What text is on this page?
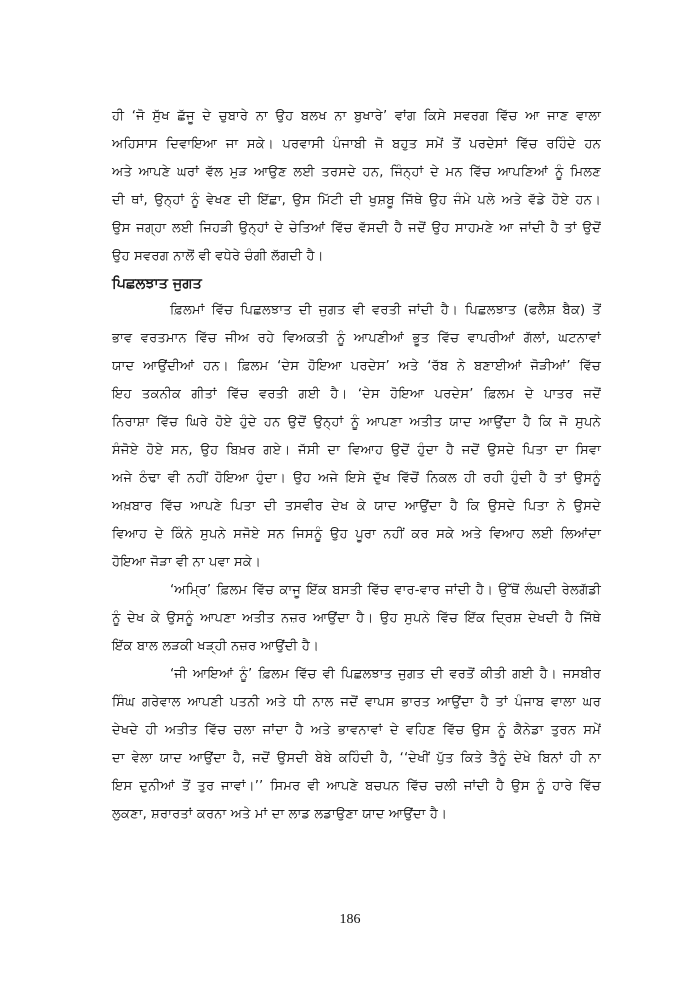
ਹੀ ‘ਜੋ ਸੁੱਖ ਛੱਜੂ ਦੇ ਚੁਬਾਰੇ ਨਾ ਉਹ ਬਲਖ ਨਾ ਬੁਖਾਰੇ’ ਵਾਂਗ ਕਿਸੇ ਸਵਰਗ ਵਿੱਚ ਆ ਜਾਣ ਵਾਲਾ
ਅਹਿਸਾਸ ਦਿਵਾਇਆ ਜਾ ਸਕੇ। ਪਰਵਾਸੀ ਪੰਜਾਬੀ ਜੋ ਬਹੁਤ ਸਮੇਂ ਤੋਂ ਪਰਦੇਸਾਂ ਵਿੱਚ ਰਹਿੰਦੇ ਹਨ
ਅਤੇ ਆਪਣੇ ਘਰਾਂ ਵੱਲ ਮੁੜ ਆਉਣ ਲਈ ਤਰਸਦੇ ਹਨ, ਜਿੰਨ੍ਹਾਂ ਦੇ ਮਨ ਵਿੱਚ ਆਪਣਿਆਂ ਨੂੰ ਮਿਲਣ
ਦੀ ਥਾਂ, ਉਨ੍ਹਾਂ ਨੂੰ ਵੇਖਣ ਦੀ ਇੱਛਾ, ਉਸ ਮਿੱਟੀ ਦੀ ਖੁਸ਼ਬੂ ਜਿੱਥੇ ਉਹ ਜੰਮੇ ਪਲੇ ਅਤੇ ਵੱਡੇ ਹੋਏ ਹਨ।
ਉਸ ਜਗ੍ਹਾ ਲਈ ਜਿਹੜੀ ਉਨ੍ਹਾਂ ਦੇ ਚੇਤਿਆਂ ਵਿੱਚ ਵੱਸਦੀ ਹੈ ਜਦੋਂ ਉਹ ਸਾਹਮਣੇ ਆ ਜਾਂਦੀ ਹੈ ਤਾਂ ਉਦੋਂ
ਉਹ ਸਵਰਗ ਨਾਲੋਂ ਵੀ ਵਧੇਰੇ ਚੰਗੀ ਲੱਗਦੀ ਹੈ।
ਪਿਛਲਝਾਤ ਜੁਗਤ
ਫ਼ਿਲਮਾਂ ਵਿੱਚ ਪਿਛਲਝਾਤ ਦੀ ਜੁਗਤ ਵੀ ਵਰਤੀ ਜਾਂਦੀ ਹੈ। ਪਿਛਲਝਾਤ (ਫਲੈਸ਼ ਬੈਕ) ਤੋਂ
ਭਾਵ ਵਰਤਮਾਨ ਵਿੱਚ ਜੀਅ ਰਹੇ ਵਿਅਕਤੀ ਨੂੰ ਆਪਣੀਆਂ ਭੂਤ ਵਿੱਚ ਵਾਪਰੀਆਂ ਗੱਲਾਂ, ਘਟਨਾਵਾਂ
ਯਾਦ ਆਉਂਦੀਆਂ ਹਨ। ਫ਼ਿਲਮ ‘ਦੇਸ ਹੋਇਆ ਪਰਦੇਸ’ ਅਤੇ ‘ਰੱਬ ਨੇ ਬਣਾਈਆਂ ਜੋੜੀਆਂ’ ਵਿੱਚ
ਇਹ ਤਕਨੀਕ ਗੀਤਾਂ ਵਿੱਚ ਵਰਤੀ ਗਈ ਹੈ। ‘ਦੇਸ ਹੋਇਆ ਪਰਦੇਸ’ ਫ਼ਿਲਮ ਦੇ ਪਾਤਰ ਜਦੋਂ
ਨਿਰਾਸ਼ਾ ਵਿੱਚ ਘਿਰੇ ਹੋਏ ਹੁੰਦੇ ਹਨ ਉਦੋਂ ਉਨ੍ਹਾਂ ਨੂੰ ਆਪਣਾ ਅਤੀਤ ਯਾਦ ਆਉਂਦਾ ਹੈ ਕਿ ਜੋ ਸੁਪਨੇ
ਸੰਜੋਏ ਹੋਏ ਸਨ, ਉਹ ਬਿਖ਼ਰ ਗਏ। ਜੱਸੀ ਦਾ ਵਿਆਹ ਉਦੋਂ ਹੁੰਦਾ ਹੈ ਜਦੋਂ ਉਸਦੇ ਪਿਤਾ ਦਾ ਸਿਵਾ
ਅਜੇ ਠੰਢਾ ਵੀ ਨਹੀਂ ਹੋਇਆ ਹੁੰਦਾ। ਉਹ ਅਜੇ ਇਸੇ ਦੁੱਖ ਵਿੱਚੋਂ ਨਿਕਲ ਹੀ ਰਹੀ ਹੁੰਦੀ ਹੈ ਤਾਂ ਉਸਨੂੰ
ਅਖ਼ਬਾਰ ਵਿੱਚ ਆਪਣੇ ਪਿਤਾ ਦੀ ਤਸਵੀਰ ਦੇਖ ਕੇ ਯਾਦ ਆਉਂਦਾ ਹੈ ਕਿ ਉਸਦੇ ਪਿਤਾ ਨੇ ਉਸਦੇ
ਵਿਆਹ ਦੇ ਕਿੰਨੇ ਸੁਪਨੇ ਸਜੋਏ ਸਨ ਜਿਸਨੂੰ ਉਹ ਪੂਰਾ ਨਹੀਂ ਕਰ ਸਕੇ ਅਤੇ ਵਿਆਹ ਲਈ ਲਿਆਂਦਾ
ਹੋਇਆ ਜੋੜਾ ਵੀ ਨਾ ਪਵਾ ਸਕੇ।
‘ਅਮ੍ਰਿ’ ਫ਼ਿਲਮ ਵਿੱਚ ਕਾਜੂ ਇੱਕ ਬਸਤੀ ਵਿੱਚ ਵਾਰ-ਵਾਰ ਜਾਂਦੀ ਹੈ। ਉੱਥੋਂ ਲੰਘਦੀ ਰੇਲਗੱਡੀ
ਨੂੰ ਦੇਖ ਕੇ ਉਸਨੂੰ ਆਪਣਾ ਅਤੀਤ ਨਜ਼ਰ ਆਉਂਦਾ ਹੈ। ਉਹ ਸੁਪਨੇ ਵਿੱਚ ਇੱਕ ਦ੍ਰਿਸ਼ ਦੇਖਦੀ ਹੈ ਜਿੱਥੇ
ਇੱਕ ਬਾਲ ਲੜਕੀ ਖੜ੍ਹੀ ਨਜ਼ਰ ਆਉਂਦੀ ਹੈ।
‘ਜੀ ਆਇਆਂ ਨੂੰ’ ਫ਼ਿਲਮ ਵਿੱਚ ਵੀ ਪਿਛਲਝਾਤ ਜੁਗਤ ਦੀ ਵਰਤੋਂ ਕੀਤੀ ਗਈ ਹੈ। ਜਸਬੀਰ
ਸਿੰਘ ਗਰੇਵਾਲ ਆਪਣੀ ਪਤਨੀ ਅਤੇ ਧੀ ਨਾਲ ਜਦੋਂ ਵਾਪਸ ਭਾਰਤ ਆਉਂਦਾ ਹੈ ਤਾਂ ਪੰਜਾਬ ਵਾਲਾ ਘਰ
ਦੇਖਦੇ ਹੀ ਅਤੀਤ ਵਿੱਚ ਚਲਾ ਜਾਂਦਾ ਹੈ ਅਤੇ ਭਾਵਨਾਵਾਂ ਦੇ ਵਹਿਣ ਵਿੱਚ ਉਸ ਨੂੰ ਕੈਨੇਡਾ ਤੁਰਨ ਸਮੇਂ
ਦਾ ਵੇਲਾ ਯਾਦ ਆਉਂਦਾ ਹੈ, ਜਦੋਂ ਉਸਦੀ ਬੇਬੇ ਕਹਿੰਦੀ ਹੈ, ‘‘ਦੇਖੀਂ ਪੁੱਤ ਕਿਤੇ ਤੈਨੂੰ ਦੇਖੇ ਬਿਨਾਂ ਹੀ ਨਾ
ਇਸ ਦੁਨੀਆਂ ਤੋਂ ਤੁਰ ਜਾਵਾਂ।’’ ਸਿਮਰ ਵੀ ਆਪਣੇ ਬਚਪਨ ਵਿੱਚ ਚਲੀ ਜਾਂਦੀ ਹੈ ਉਸ ਨੂੰ ਹਾਰੇ ਵਿੱਚ
ਲੁਕਣਾ, ਸ਼ਰਾਰਤਾਂ ਕਰਨਾ ਅਤੇ ਮਾਂ ਦਾ ਲਾਡ ਲਡਾਉਣਾ ਯਾਦ ਆਉਂਦਾ ਹੈ।
186
